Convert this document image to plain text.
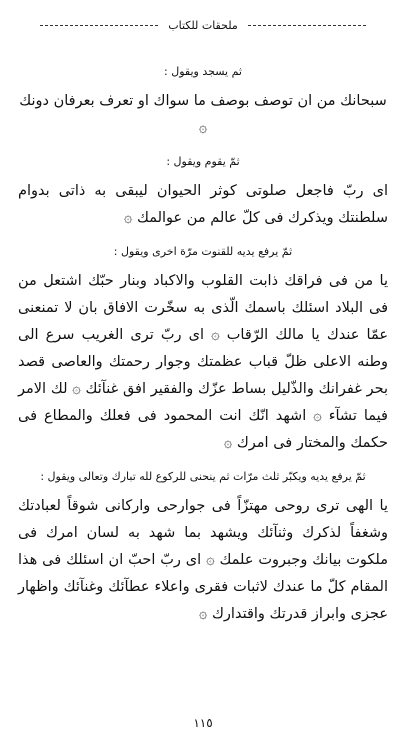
ملحقات للكتاب

ثم يسجد ويقول :

سبحانك من ان توصف بوصف ما سواك او تعرف بعرفان دونك ۞

ثمّ يقوم ويقول :

اى ربّ فاجعل صلوتى كوثر الحيوان ليبقى به ذاتى بدوام سلطنتك ويذكرك فى كلّ عالم من عوالمك ۞

ثمّ يرفع يديه للقنوت مرّة اخرى ويقول :

يا من فى فراقك ذابت القلوب والاكباد وبنار حبّك اشتعل من فى البلاد اسئلك باسمك الّذى به سخّرت الافاق بان لا تمنعنى عمّا عندك يا مالك الرّقاب ۞ اى ربّ ترى الغريب سرع الى وطنه الاعلى ظلّ قباب عظمتك وجوار رحمتك والعاصى قصد بحر غفرانك والذّليل بساط عزّك والفقير افق غنآئك ۞ لك الامر فيما تشآء ۞ اشهد انّك انت المحمود فى فعلك والمطاع فى حكمك والمختار فى امرك ۞

ثمّ يرفع يديه ويكبّر ثلث مرّات ثم ينحنى للركوع لله تبارك وتعالى ويقول :

يا الهى ترى روحى مهتزّاً فى جوارحى واركانى شوقاً لعبادتك وشغفاً لذكرك وثنآئك ويشهد بما شهد به لسان امرك فى ملكوت بيانك وجبروت علمك ۞ اى ربّ احبّ ان اسئلك فى هذا المقام كلّ ما عندك لاثبات فقرى واعلاء عطآئك وغنآئك واظهار عجزى وابراز قدرتك واقتدارك ۞

١١٥
